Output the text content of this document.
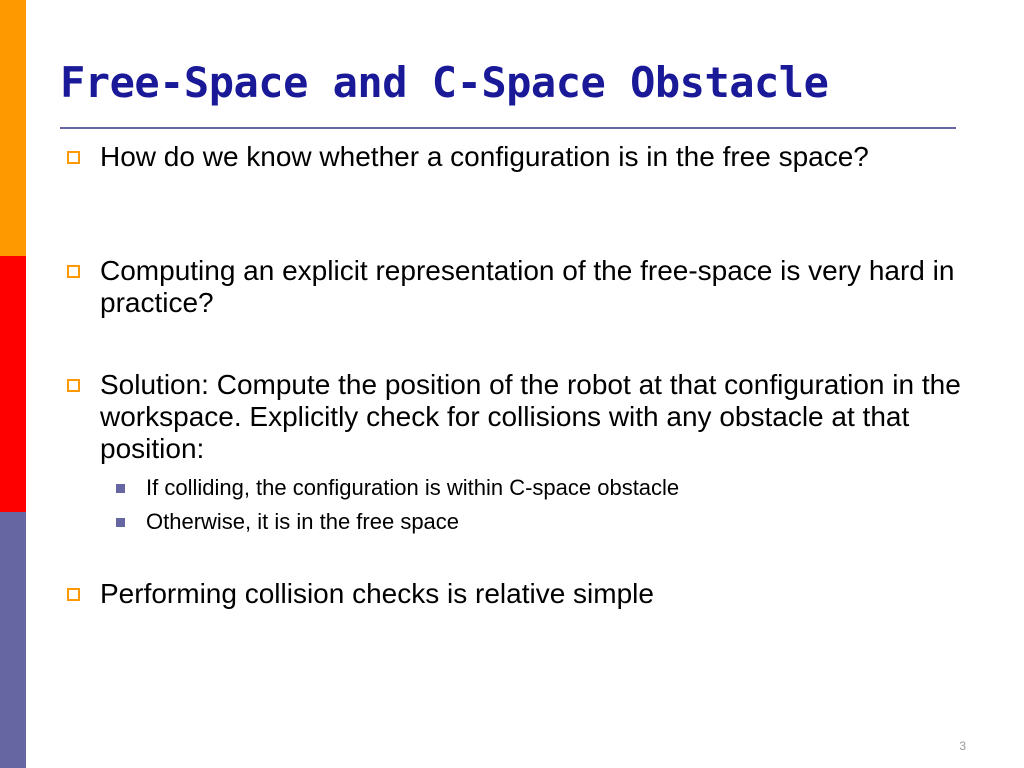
Free-Space and C-Space Obstacle
How do we know whether a configuration is in the free space?
Computing an explicit representation of the free-space is very hard in practice?
Solution: Compute the position of the robot at that configuration in the workspace. Explicitly check for collisions with any obstacle at that position:
If colliding, the configuration is within C-space obstacle
Otherwise, it is in the free space
Performing collision checks is relative simple
3
